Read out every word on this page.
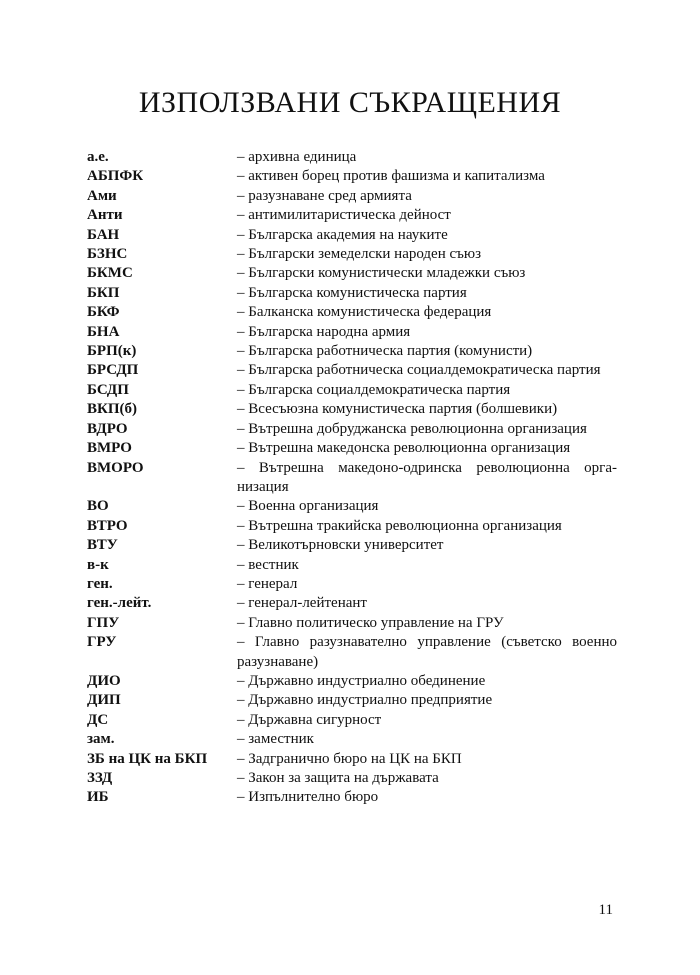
ИЗПОЛЗВАНИ СЪКРАЩЕНИЯ
а.е.	– архивна единица
АБПФК	– активен борец против фашизма и капитализма
Ами	– разузнаване сред армията
Анти	– антимилитаристическа дейност
БАН	– Българска академия на науките
БЗНС	– Български земеделски народен съюз
БКМС	– Български комунистически младежки съюз
БКП	– Българска комунистическа партия
БКФ	– Балканска комунистическа федерация
БНА	– Българска народна армия
БРП(к)	– Българска работническа партия (комунисти)
БРСДП	– Българска работническа социалдемократическа партия
БСДП	– Българска социалдемократическа партия
ВКП(б)	– Всесъюзна комунистическа партия (болшевики)
ВДРО	– Вътрешна добруджанска революционна организация
ВМРО	– Вътрешна македонска революционна организация
ВМОРО	– Вътрешна македоно-одринска революционна организация
ВО	– Военна организация
ВТРО	– Вътрешна тракийска революционна организация
ВТУ	– Великотърновски университет
в-к	– вестник
ген.	– генерал
ген.-лейт.	– генерал-лейтенант
ГПУ	– Главно политическо управление на ГРУ
ГРУ	– Главно разузнавателно управление (съветско военно разузнаване)
ДИО	– Държавно индустриално обединение
ДИП	– Държавно индустриално предприятие
ДС	– Държавна сигурност
зам.	– заместник
ЗБ на ЦК на БКП	– Задгранично бюро на ЦК на БКП
ЗЗД	– Закон за защита на държавата
ИБ	– Изпълнително бюро
11
